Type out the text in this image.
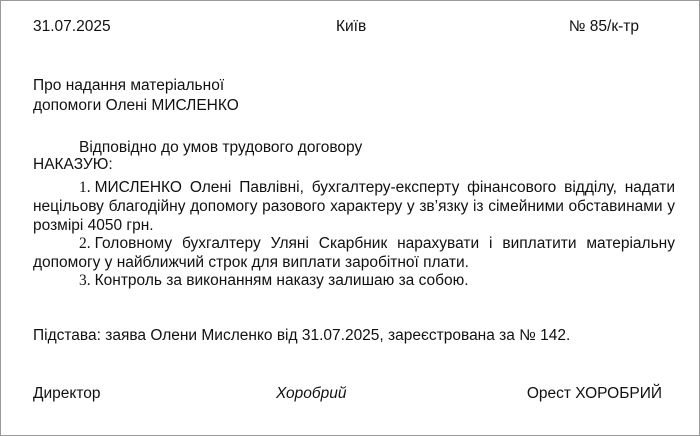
31.07.2025	Київ	№ 85/к-тр
Про надання матеріальної
допомоги Олені МИСЛЕНКО
Відповідно до умов трудового договору
НАКАЗУЮ:
1. МИСЛЕНКО Олені Павлівні, бухгалтеру-експерту фінансового відділу, надати нецільову благодійну допомогу разового характеру у зв’язку із сімейними обставинами у розмірі 4050 грн.
2. Головному бухгалтеру Уляні Скарбник нарахувати і виплатити матеріальну допомогу у найближчий строк для виплати заробітної плати.
3. Контроль за виконанням наказу залишаю за собою.
Підстава: заява Олени Мисленко від 31.07.2025, зареєстрована за № 142.
Директор	Хоробрий	Орест ХОРОБРИЙ
